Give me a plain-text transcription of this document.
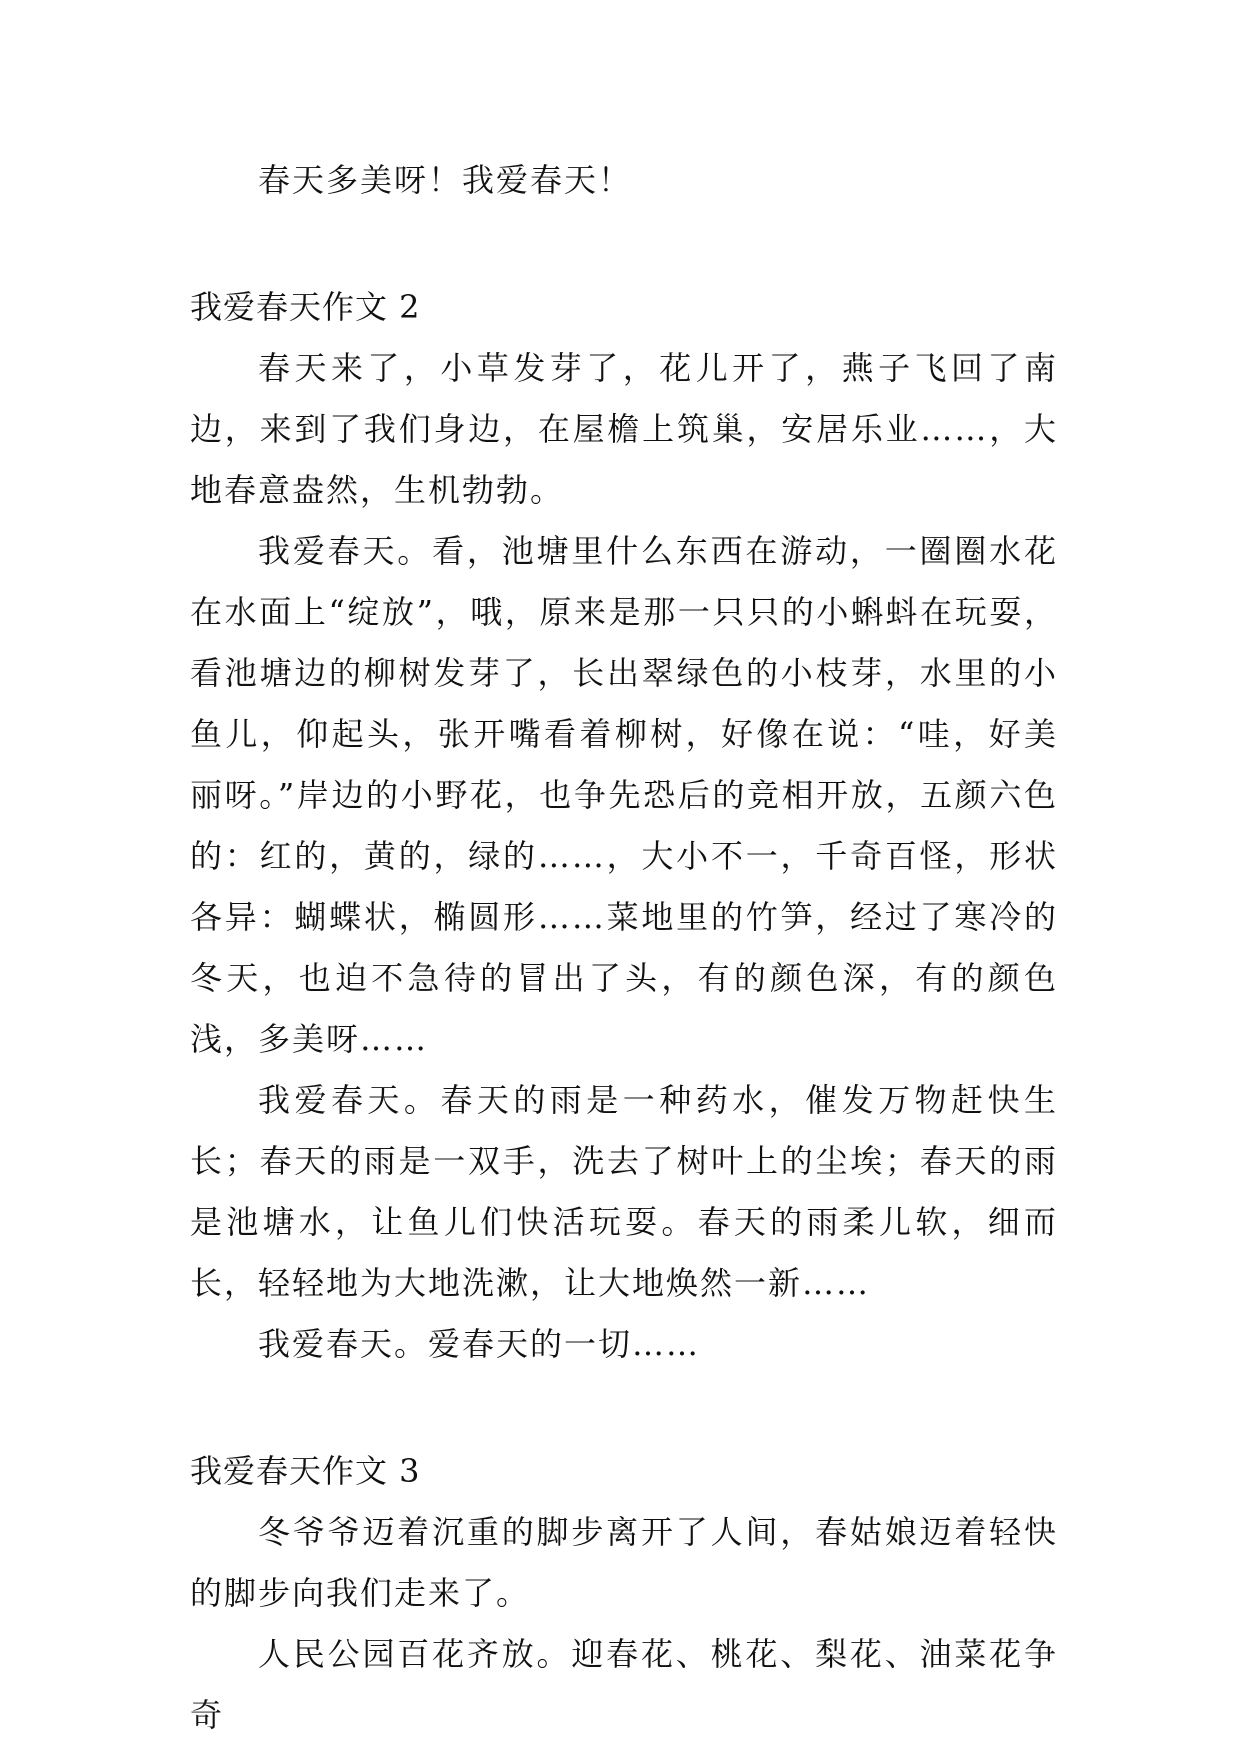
春天多美呀！我爱春天！

我爱春天作文 2

春天来了，小草发芽了，花儿开了，燕子飞回了南边，来到了我们身边，在屋檐上筑巢，安居乐业……，大地春意盎然，生机勃勃。

我爱春天。看，池塘里什么东西在游动，一圈圈水花在水面上“绽放”，哦，原来是那一只只的小蝌蚪在玩耍，看池塘边的柳树发芽了，长出翠绿色的小枝芽，水里的小鱼儿，仰起头，张开嘴看着柳树，好像在说：“哇，好美丽呀。”岸边的小野花，也争先恐后的竞相开放，五颜六色的：红的，黄的，绿的……，大小不一，千奇百怪，形状各异：蝴蝶状，椭圆形……菜地里的竹笋，经过了寒冷的冬天，也迫不急待的冒出了头，有的颜色深，有的颜色浅，多美呀……

我爱春天。春天的雨是一种药水，催发万物赶快生长；春天的雨是一双手，洗去了树叶上的尘埃；春天的雨是池塘水，让鱼儿们快活玩耍。春天的雨柔儿软，细而长，轻轻地为大地洗漱，让大地焕然一新……

我爱春天。爱春天的一切……

我爱春天作文 3

冬爷爷迈着沉重的脚步离开了人间，春姑娘迈着轻快的脚步向我们走来了。

人民公园百花齐放。迎春花、桃花、梨花、油菜花争奇
